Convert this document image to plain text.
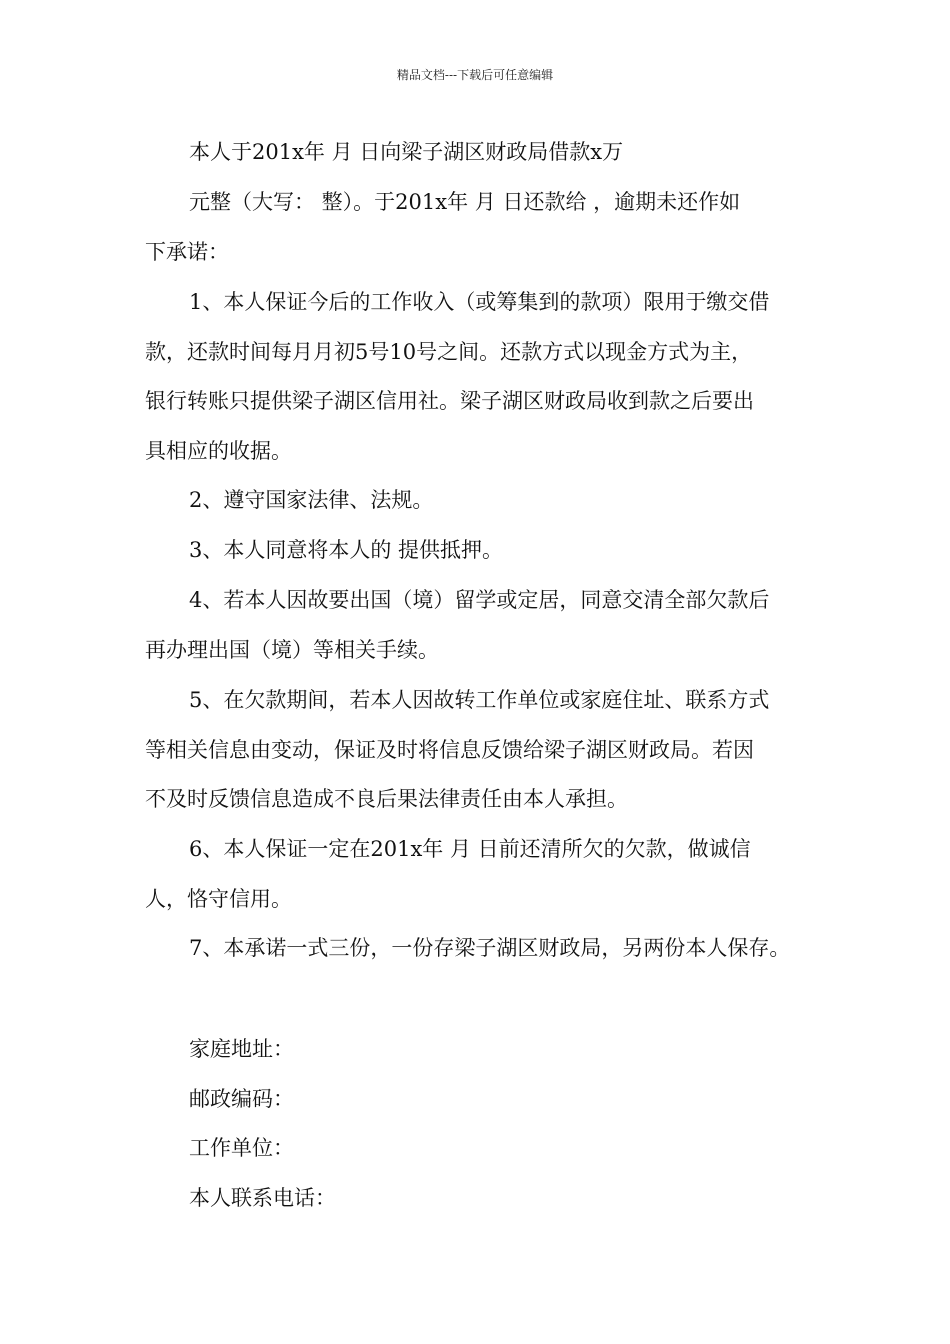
精品文档---下载后可任意编辑
本人于201x年 月 日向梁子湖区财政局借款x万
元整（大写： 整）。于201x年 月 日还款给 ，逾期未还作如
下承诺：
1、本人保证今后的工作收入（或筹集到的款项）限用于缴交借
款，还款时间每月月初5号10号之间。还款方式以现金方式为主，
银行转账只提供梁子湖区信用社。梁子湖区财政局收到款之后要出
具相应的收据。
2、遵守国家法律、法规。
3、本人同意将本人的 提供抵押。
4、若本人因故要出国（境）留学或定居，同意交清全部欠款后
再办理出国（境）等相关手续。
5、在欠款期间，若本人因故转工作单位或家庭住址、联系方式
等相关信息由变动，保证及时将信息反馈给梁子湖区财政局。若因
不及时反馈信息造成不良后果法律责任由本人承担。
6、本人保证一定在201x年 月 日前还清所欠的欠款，做诚信
人，恪守信用。
7、本承诺一式三份，一份存梁子湖区财政局，另两份本人保存。
家庭地址：
邮政编码：
工作单位：
本人联系电话：
